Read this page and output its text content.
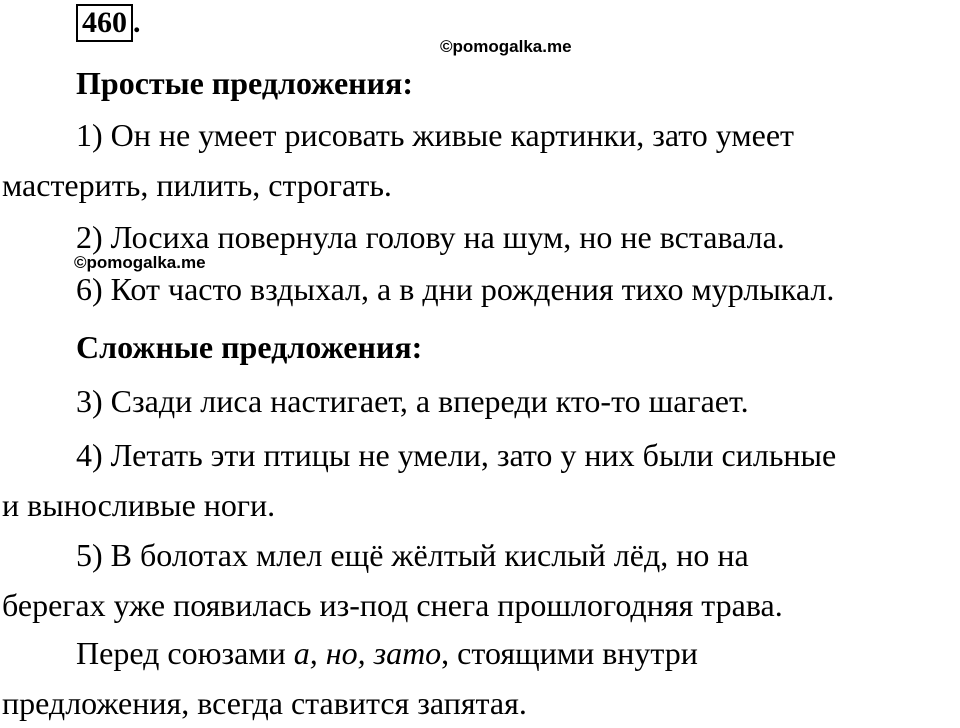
460 .
©pomogalka.me
Простые предложения:
1) Он не умеет рисовать живые картинки, зато умеет
мастерить, пилить, строгать.
2) Лосиха повернула голову на шум, но не вставала.
©pomogalka.me
6) Кот часто вздыхал, а в дни рождения тихо мурлыкал.
Сложные предложения:
3) Сзади лиса настигает, а впереди кто-то шагает.
4) Летать эти птицы не умели, зато у них были сильные
и выносливые ноги.
5) В болотах млел ещё жёлтый кислый лёд, но на
берегах уже появилась из-под снега прошлогодняя трава.
Перед союзами а, но, зато, стоящими внутри
предложения, всегда ставится запятая.
